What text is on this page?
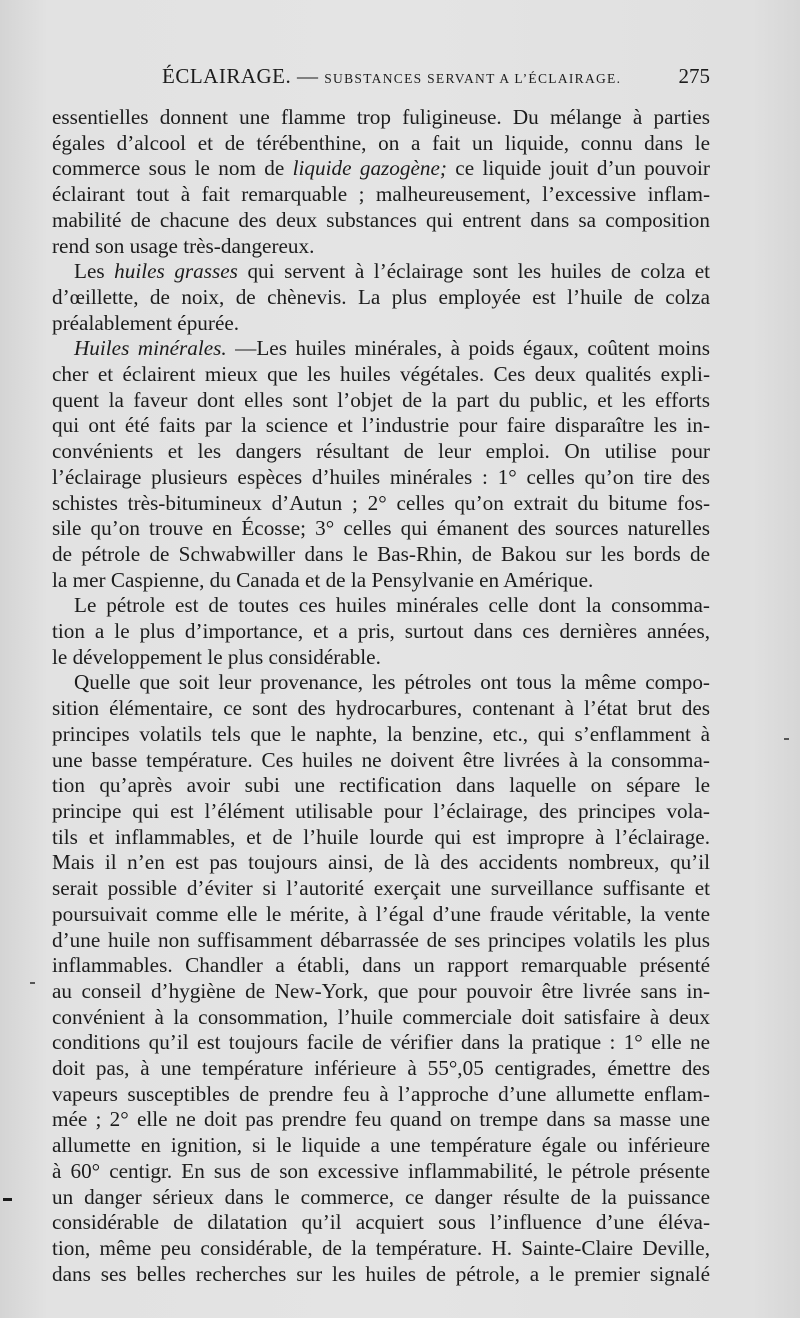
ÉCLAIRAGE. — SUBSTANCES SERVANT A L’ÉCLAIRAGE.	275

essentielles donnent une flamme trop fuligineuse. Du mélange à parties

égales d’alcool et de térébenthine, on a fait un liquide, connu dans le

commerce sous le nom de liquide gazogène; ce liquide jouit d’un pouvoir

éclairant tout à fait remarquable ; malheureusement, l’excessive inflam-

mabilité de chacune des deux substances qui entrent dans sa composition

rend son usage très-dangereux.

Les huiles grasses qui servent à l’éclairage sont les huiles de colza et

d’œillette, de noix, de chènevis. La plus employée est l’huile de colza

préalablement épurée.

Huiles minérales. —Les huiles minérales, à poids égaux, coûtent moins

cher et éclairent mieux que les huiles végétales. Ces deux qualités expli-

quent la faveur dont elles sont l’objet de la part du public, et les efforts

qui ont été faits par la science et l’industrie pour faire disparaître les in-

convénients et les dangers résultant de leur emploi. On utilise pour

l’éclairage plusieurs espèces d’huiles minérales : 1° celles qu’on tire des

schistes très-bitumineux d’Autun ; 2° celles qu’on extrait du bitume fos-

sile qu’on trouve en Écosse; 3° celles qui émanent des sources naturelles

de pétrole de Schwabwiller dans le Bas-Rhin, de Bakou sur les bords de

la mer Caspienne, du Canada et de la Pensylvanie en Amérique.

Le pétrole est de toutes ces huiles minérales celle dont la consomma-

tion a le plus d’importance, et a pris, surtout dans ces dernières années,

le développement le plus considérable.

Quelle que soit leur provenance, les pétroles ont tous la même compo-

sition élémentaire, ce sont des hydrocarbures, contenant à l’état brut des

principes volatils tels que le naphte, la benzine, etc., qui s’enflamment à

une basse température. Ces huiles ne doivent être livrées à la consomma-

tion qu’après avoir subi une rectification dans laquelle on sépare le

principe qui est l’élément utilisable pour l’éclairage, des principes vola-

tils et inflammables, et de l’huile lourde qui est impropre à l’éclairage.

Mais il n’en est pas toujours ainsi, de là des accidents nombreux, qu’il

serait possible d’éviter si l’autorité exerçait une surveillance suffisante et

poursuivait comme elle le mérite, à l’égal d’une fraude véritable, la vente

d’une huile non suffisamment débarrassée de ses principes volatils les plus

inflammables. Chandler a établi, dans un rapport remarquable présenté

au conseil d’hygiène de New-York, que pour pouvoir être livrée sans in-

convénient à la consommation, l’huile commerciale doit satisfaire à deux

conditions qu’il est toujours facile de vérifier dans la pratique : 1° elle ne

doit pas, à une température inférieure à 55°,05 centigrades, émettre des

vapeurs susceptibles de prendre feu à l’approche d’une allumette enflam-

mée ; 2° elle ne doit pas prendre feu quand on trempe dans sa masse une

allumette en ignition, si le liquide a une température égale ou inférieure

à 60° centigr. En sus de son excessive inflammabilité, le pétrole présente

un danger sérieux dans le commerce, ce danger résulte de la puissance

considérable de dilatation qu’il acquiert sous l’influence d’une éléva-

tion, même peu considérable, de la température. H. Sainte-Claire Deville,

dans ses belles recherches sur les huiles de pétrole, a le premier signalé
